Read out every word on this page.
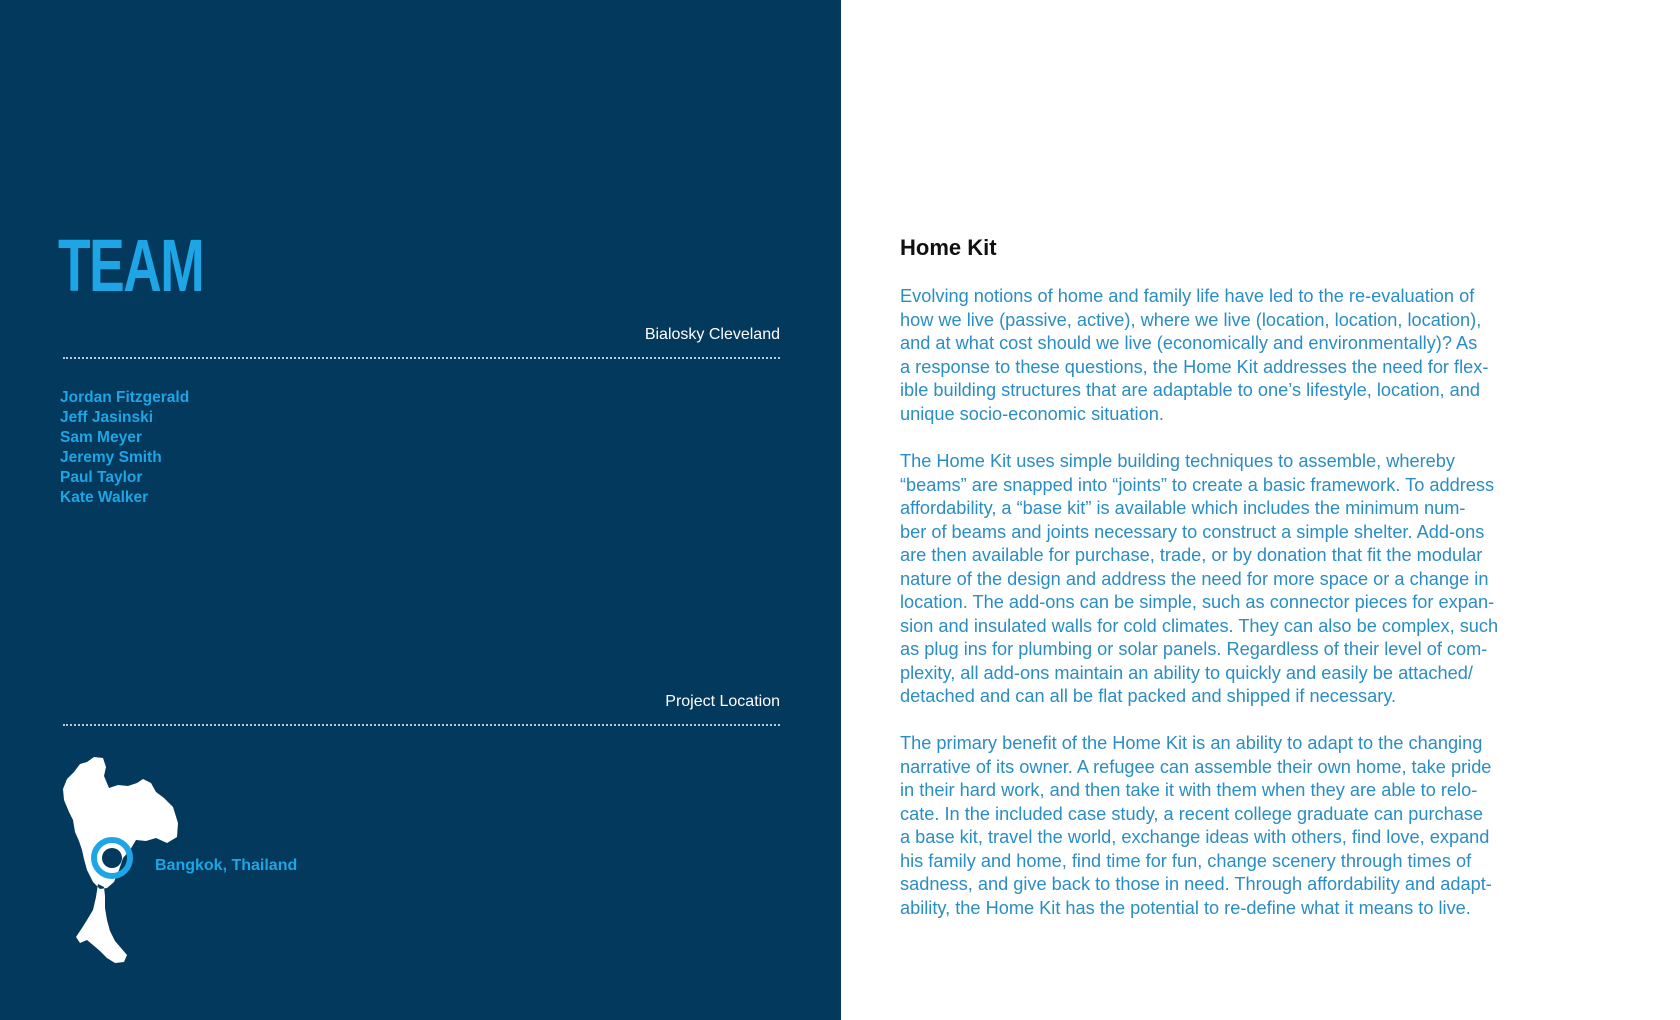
TEAM
Bialosky Cleveland
Jordan Fitzgerald
Jeff Jasinski
Sam Meyer
Jeremy Smith
Paul Taylor
Kate Walker
Project Location
Bangkok, Thailand
Home Kit

Evolving notions of home and family life have led to the re-evaluation of
how we live (passive, active), where we live (location, location, location),
and at what cost should we live (economically and environmentally)? As
a response to these questions, the Home Kit addresses the need for flex-
ible building structures that are adaptable to one’s lifestyle, location, and
unique socio-economic situation.

The Home Kit uses simple building techniques to assemble, whereby
“beams” are snapped into “joints” to create a basic framework. To address
affordability, a “base kit” is available which includes the minimum num-
ber of beams and joints necessary to construct a simple shelter. Add-ons
are then available for purchase, trade, or by donation that fit the modular
nature of the design and address the need for more space or a change in
location. The add-ons can be simple, such as connector pieces for expan-
sion and insulated walls for cold climates. They can also be complex, such
as plug ins for plumbing or solar panels. Regardless of their level of com-
plexity, all add-ons maintain an ability to quickly and easily be attached/
detached and can all be flat packed and shipped if necessary.

The primary benefit of the Home Kit is an ability to adapt to the changing
narrative of its owner. A refugee can assemble their own home, take pride
in their hard work, and then take it with them when they are able to relo-
cate. In the included case study, a recent college graduate can purchase
a base kit, travel the world, exchange ideas with others, find love, expand
his family and home, find time for fun, change scenery through times of
sadness, and give back to those in need. Through affordability and adapt-
ability, the Home Kit has the potential to re-define what it means to live.
